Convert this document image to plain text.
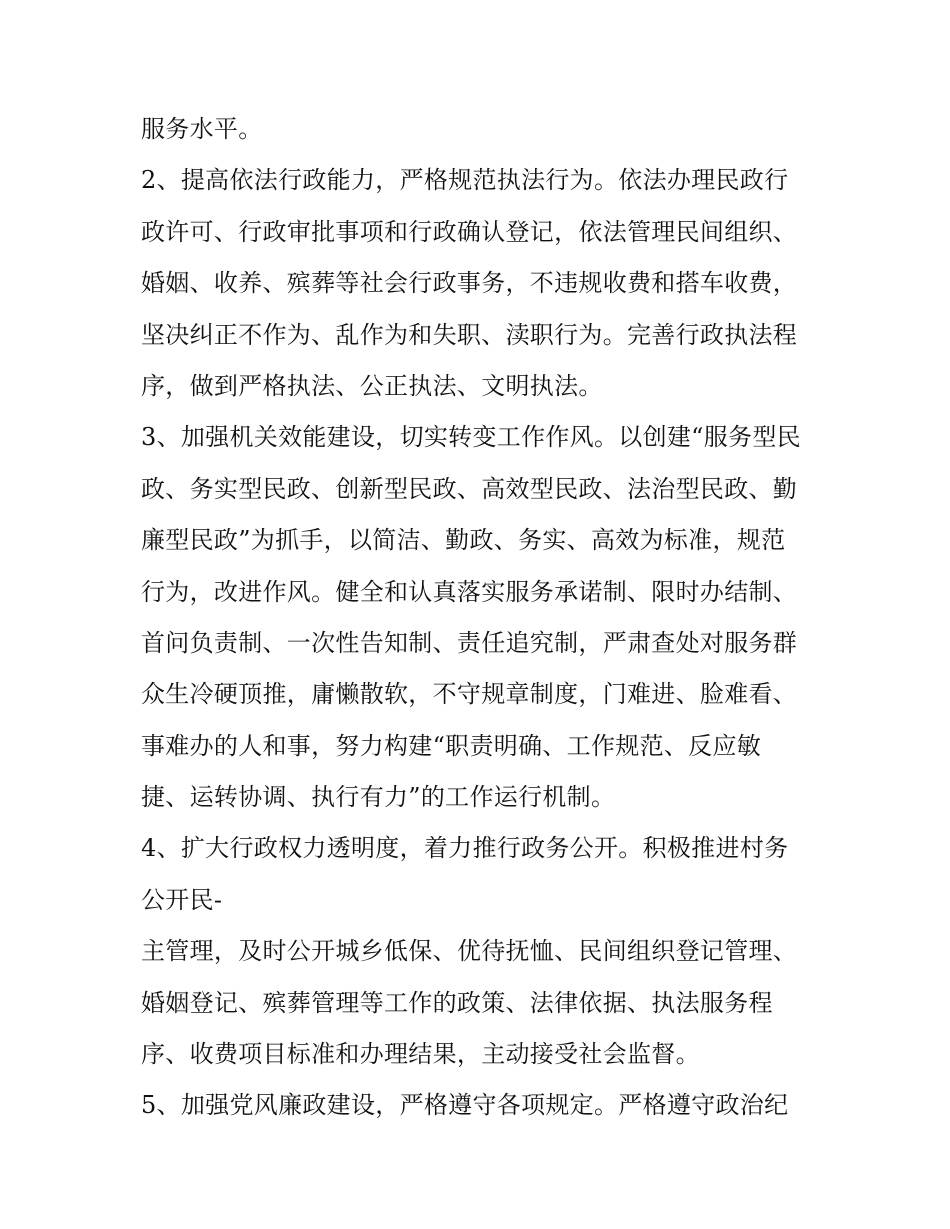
服务水平。
2、提高依法行政能力，严格规范执法行为。依法办理民政行
政许可、行政审批事项和行政确认登记，依法管理民间组织、
婚姻、收养、殡葬等社会行政事务，不违规收费和搭车收费，
坚决纠正不作为、乱作为和失职、渎职行为。完善行政执法程
序，做到严格执法、公正执法、文明执法。
3、加强机关效能建设，切实转变工作作风。以创建“服务型民
政、务实型民政、创新型民政、高效型民政、法治型民政、勤
廉型民政”为抓手，以简洁、勤政、务实、高效为标准，规范
行为，改进作风。健全和认真落实服务承诺制、限时办结制、
首问负责制、一次性告知制、责任追究制，严肃查处对服务群
众生冷硬顶推，庸懒散软，不守规章制度，门难进、脸难看、
事难办的人和事，努力构建“职责明确、工作规范、反应敏
捷、运转协调、执行有力”的工作运行机制。
4、扩大行政权力透明度，着力推行政务公开。积极推进村务
公开民-
主管理，及时公开城乡低保、优待抚恤、民间组织登记管理、
婚姻登记、殡葬管理等工作的政策、法律依据、执法服务程
序、收费项目标准和办理结果，主动接受社会监督。
5、加强党风廉政建设，严格遵守各项规定。严格遵守政治纪
